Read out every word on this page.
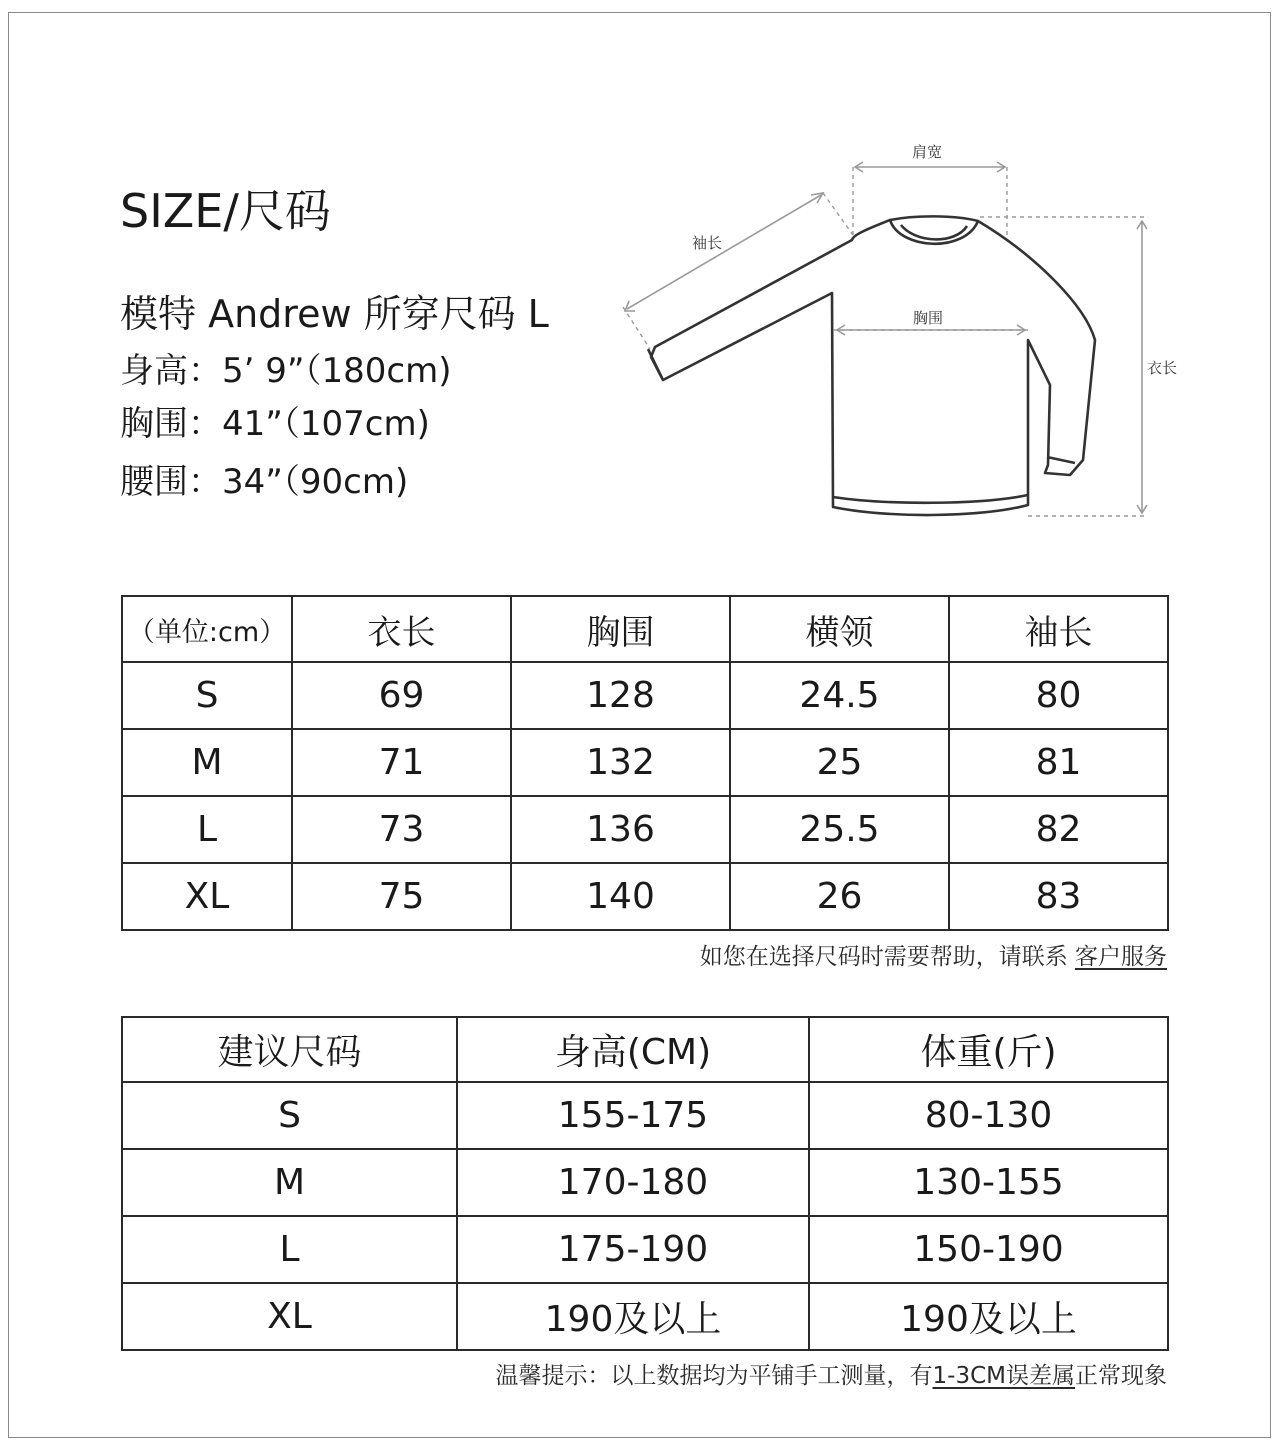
SIZE/尺码
模特 Andrew 所穿尺码 L
身高：5’ 9”（180cm)
胸围：41”（107cm)
腰围：34”（90cm)
肩宽
袖长
胸围
衣长
（单位:cm）	衣长	胸围	横领	袖长
S	69	128	24.5	80
M	71	132	25	81
L	73	136	25.5	82
XL	75	140	26	83
如您在选择尺码时需要帮助，请联系 客户服务
建议尺码	身高(CM)	体重(斤)
S	155-175	80-130
M	170-180	130-155
L	175-190	150-190
XL	190及以上	190及以上
温馨提示：以上数据均为平铺手工测量，有1-3CM误差属正常现象
